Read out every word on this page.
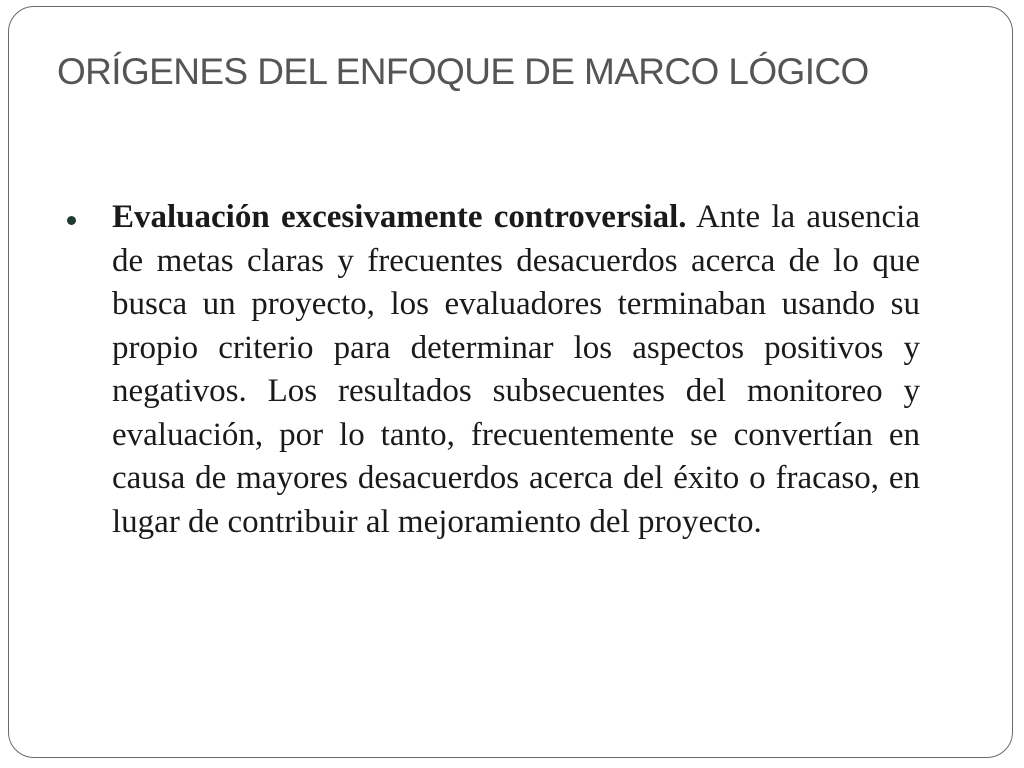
ORÍGENES DEL ENFOQUE DE MARCO LÓGICO

Evaluación excesivamente controversial. Ante la ausencia de metas claras y frecuentes desacuerdos acerca de lo que busca un proyecto, los evaluadores terminaban usando su propio criterio para determinar los aspectos positivos y negativos. Los resultados subsecuentes del monitoreo y evaluación, por lo tanto, frecuentemente se convertían en causa de mayores desacuerdos acerca del éxito o fracaso, en lugar de contribuir al mejoramiento del proyecto.
